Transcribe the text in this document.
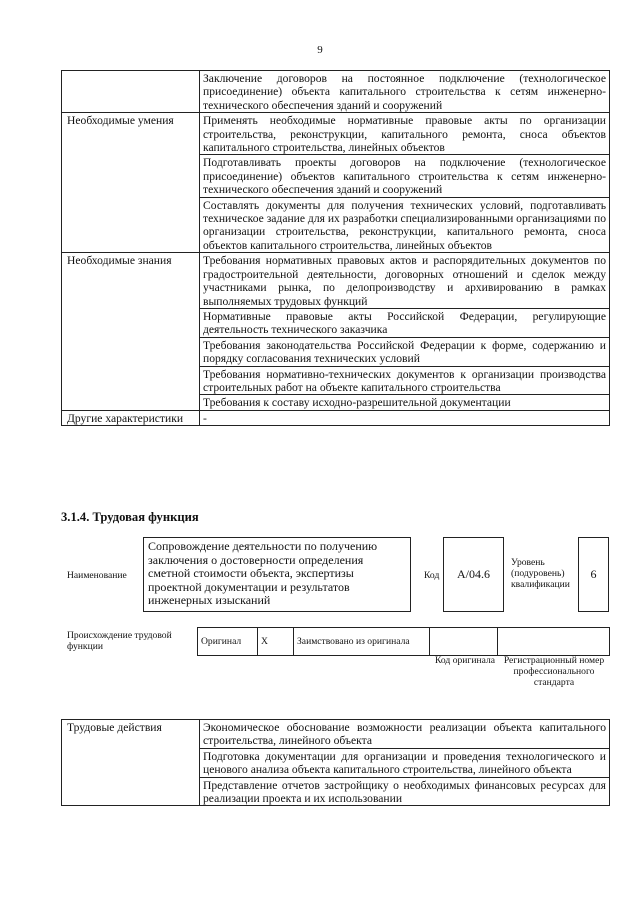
9
	Заключение договоров на постоянное подключение (технологическое присоединение) объекта капитального строительства к сетям инженерно-технического обеспечения зданий и сооружений
Необходимые умения	Применять необходимые нормативные правовые акты по организации строительства, реконструкции, капитального ремонта, сноса объектов капитального строительства, линейных объектов
	Подготавливать проекты договоров на подключение (технологическое присоединение) объектов капитального строительства к сетям инженерно-технического обеспечения зданий и сооружений
	Составлять документы для получения технических условий, подготавливать техническое задание для их разработки специализированными организациями по организации строительства, реконструкции, капитального ремонта, сноса объектов капитального строительства, линейных объектов
Необходимые знания	Требования нормативных правовых актов и распорядительных документов по градостроительной деятельности, договорных отношений и сделок между участниками рынка, по делопроизводству и архивированию в рамках выполняемых трудовых функций
	Нормативные правовые акты Российской Федерации, регулирующие деятельность технического заказчика
	Требования законодательства Российской Федерации к форме, содержанию и порядку согласования технических условий
	Требования нормативно-технических документов к организации производства строительных работ на объекте капитального строительства
	Требования к составу исходно-разрешительной документации
Другие характеристики	-
3.1.4. Трудовая функция
Наименование
Сопровождение деятельности по получению заключения о достоверности определения сметной стоимости объекта, экспертизы проектной документации и результатов инженерных изысканий
Код А/04.6
Уровень (подуровень) квалификации
6
Происхождение трудовой функции	Оригинал	X	Заимствовано из оригинала		
Код оригинала Регистрационный номер профессионального стандарта
Трудовые действия	Экономическое обоснование возможности реализации объекта капитального строительства, линейного объекта
Подготовка документации для организации и проведения технологического и ценового анализа объекта капитального строительства, линейного объекта
Представление отчетов застройщику о необходимых финансовых ресурсах для реализации проекта и их использовании
